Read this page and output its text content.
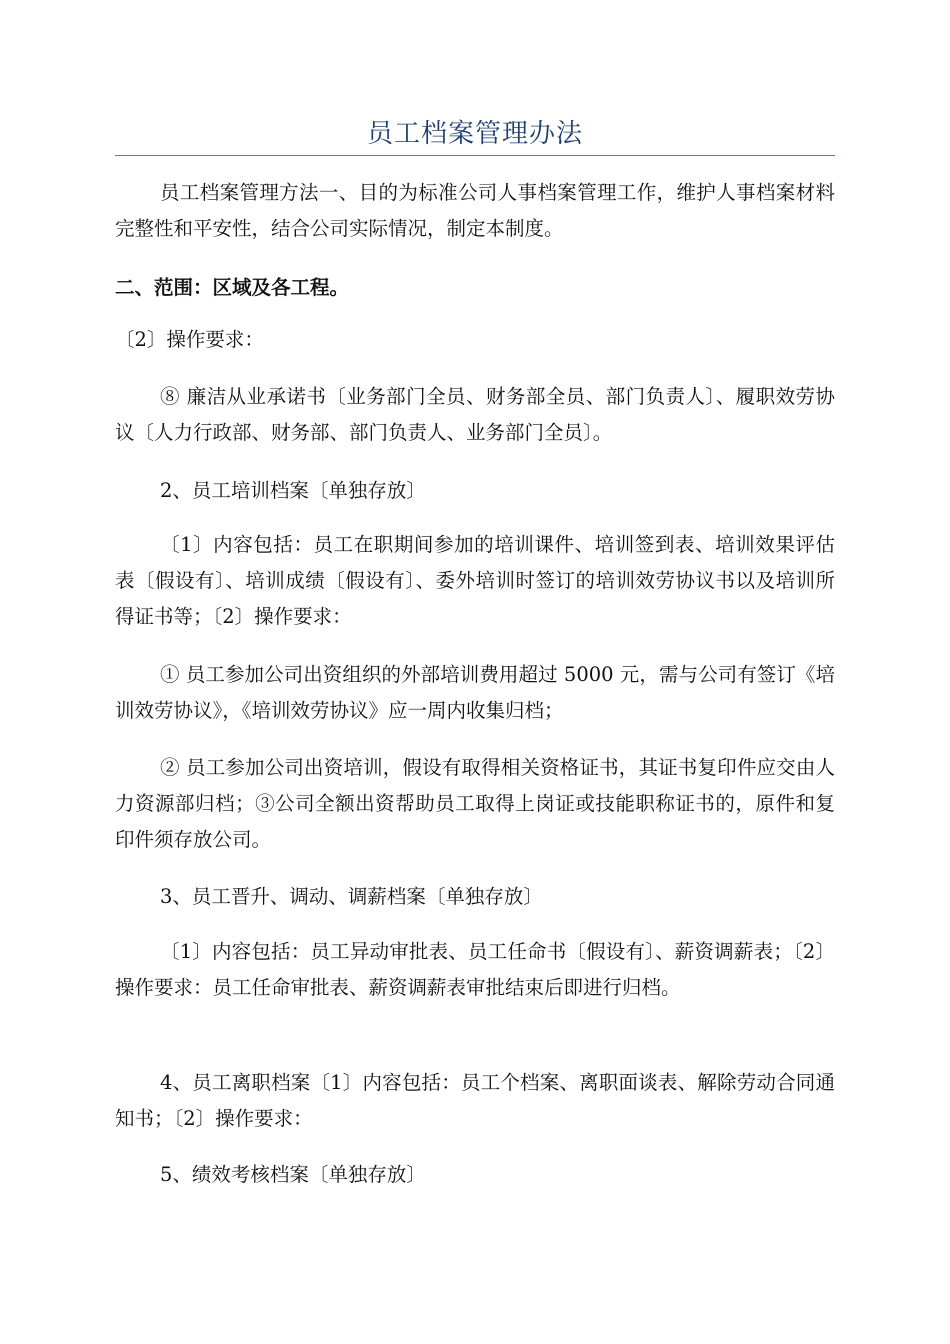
员工档案管理办法

员工档案管理方法一、目的为标准公司人事档案管理工作，维护人事档案材料完整性和平安性，结合公司实际情况，制定本制度。

二、范围：区域及各工程。

〔2〕操作要求：

⑧ 廉洁从业承诺书〔业务部门全员、财务部全员、部门负责人〕、履职效劳协议〔人力行政部、财务部、部门负责人、业务部门全员〕。

2、员工培训档案〔单独存放〕

〔1〕内容包括：员工在职期间参加的培训课件、培训签到表、培训效果评估表〔假设有〕、培训成绩〔假设有〕、委外培训时签订的培训效劳协议书以及培训所得证书等；〔2〕操作要求：

① 员工参加公司出资组织的外部培训费用超过 5000 元，需与公司有签订《培训效劳协议》，《培训效劳协议》应一周内收集归档；

② 员工参加公司出资培训，假设有取得相关资格证书，其证书复印件应交由人力资源部归档；③公司全额出资帮助员工取得上岗证或技能职称证书的，原件和复印件须存放公司。

3、员工晋升、调动、调薪档案〔单独存放〕

〔1〕内容包括：员工异动审批表、员工任命书〔假设有〕、薪资调薪表；〔2〕操作要求：员工任命审批表、薪资调薪表审批结束后即进行归档。

4、员工离职档案〔1〕内容包括：员工个档案、离职面谈表、解除劳动合同通知书；〔2〕操作要求：

5、绩效考核档案〔单独存放〕
